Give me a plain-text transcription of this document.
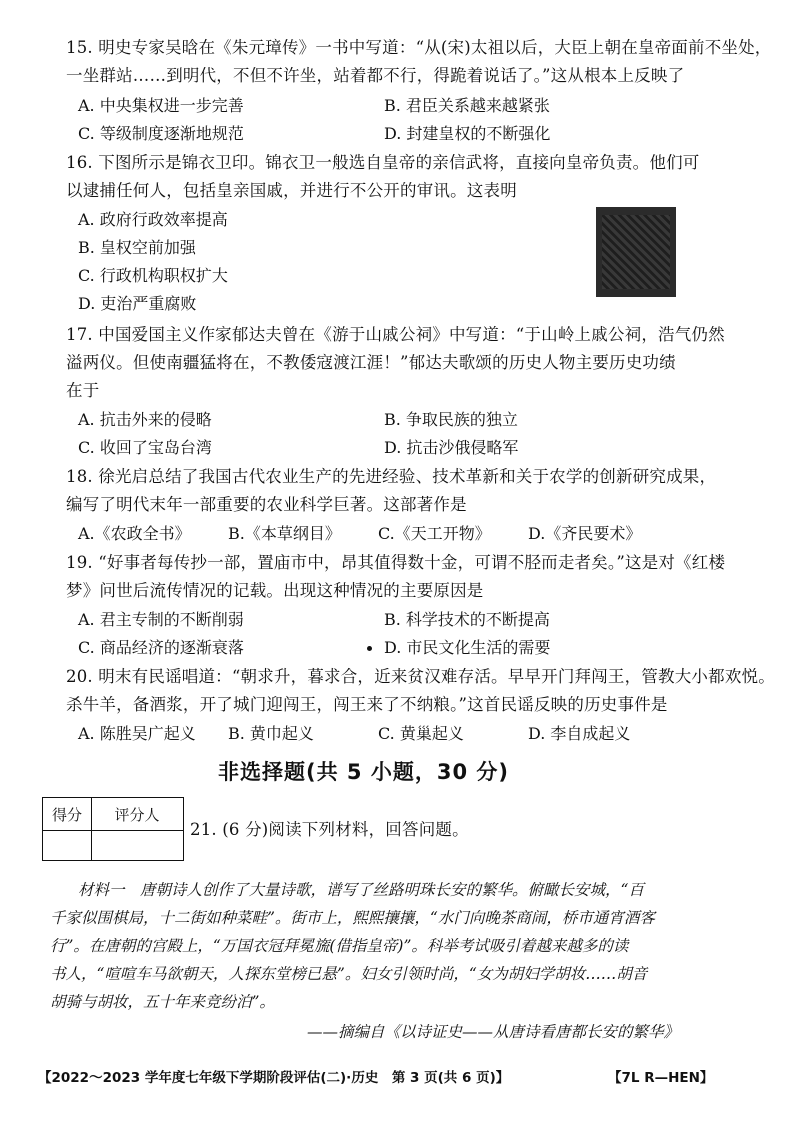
15. 明史专家吴晗在《朱元璋传》一书中写道：“从(宋)太祖以后，大臣上朝在皇帝面前不坐处，
一坐群站……到明代，不但不许坐，站着都不行，得跪着说话了。”这从根本上反映了
A. 中央集权进一步完善	B. 君臣关系越来越紧张
C. 等级制度逐渐地规范	D. 封建皇权的不断强化
16. 下图所示是锦衣卫印。锦衣卫一般选自皇帝的亲信武将，直接向皇帝负责。他们可
以逮捕任何人，包括皇亲国戚，并进行不公开的审讯。这表明
A. 政府行政效率提高
B. 皇权空前加强
C. 行政机构职权扩大
D. 吏治严重腐败
17. 中国爱国主义作家郁达夫曾在《游于山戚公祠》中写道：“于山岭上戚公祠，浩气仍然
溢两仪。但使南疆猛将在，不教倭寇渡江涯！”郁达夫歌颂的历史人物主要历史功绩
在于
A. 抗击外来的侵略	B. 争取民族的独立
C. 收回了宝岛台湾	D. 抗击沙俄侵略军
18. 徐光启总结了我国古代农业生产的先进经验、技术革新和关于农学的创新研究成果，
编写了明代末年一部重要的农业科学巨著。这部著作是
A.《农政全书》 B.《本草纲目》 C.《天工开物》 D.《齐民要术》
19. “好事者每传抄一部，置庙市中，昂其值得数十金，可谓不胫而走者矣。”这是对《红楼
梦》问世后流传情况的记载。出现这种情况的主要原因是
A. 君主专制的不断削弱	B. 科学技术的不断提高
C. 商品经济的逐渐衰落	D. 市民文化生活的需要
20. 明末有民谣唱道：“朝求升，暮求合，近来贫汉难存活。早早开门拜闯王，管教大小都欢悦。
杀牛羊，备酒浆，开了城门迎闯王，闯王来了不纳粮。”这首民谣反映的历史事件是
A. 陈胜吴广起义 B. 黄巾起义	C. 黄巢起义	D. 李自成起义
非选择题(共 5 小题，30 分)
得分	评分人
21. (6 分)阅读下列材料，回答问题。
材料一　唐朝诗人创作了大量诗歌，谱写了丝路明珠长安的繁华。俯瞰长安城，“百
千家似围棋局，十二街如种菜畦”。街市上，熙熙攘攘，“水门向晚茶商闹，桥市通宵酒客
行”。在唐朝的宫殿上，“万国衣冠拜冕旒(借指皇帝)”。科举考试吸引着越来越多的读
书人，“喧喧车马欲朝天，人探东堂榜已悬”。妇女引领时尚，“女为胡妇学胡妆……胡音
胡骑与胡妆，五十年来竞纷泊”。
——摘编自《以诗证史——从唐诗看唐都长安的繁华》
【2022～2023 学年度七年级下学期阶段评估(二)·历史　第 3 页(共 6 页)】	【7L R—HEN】
